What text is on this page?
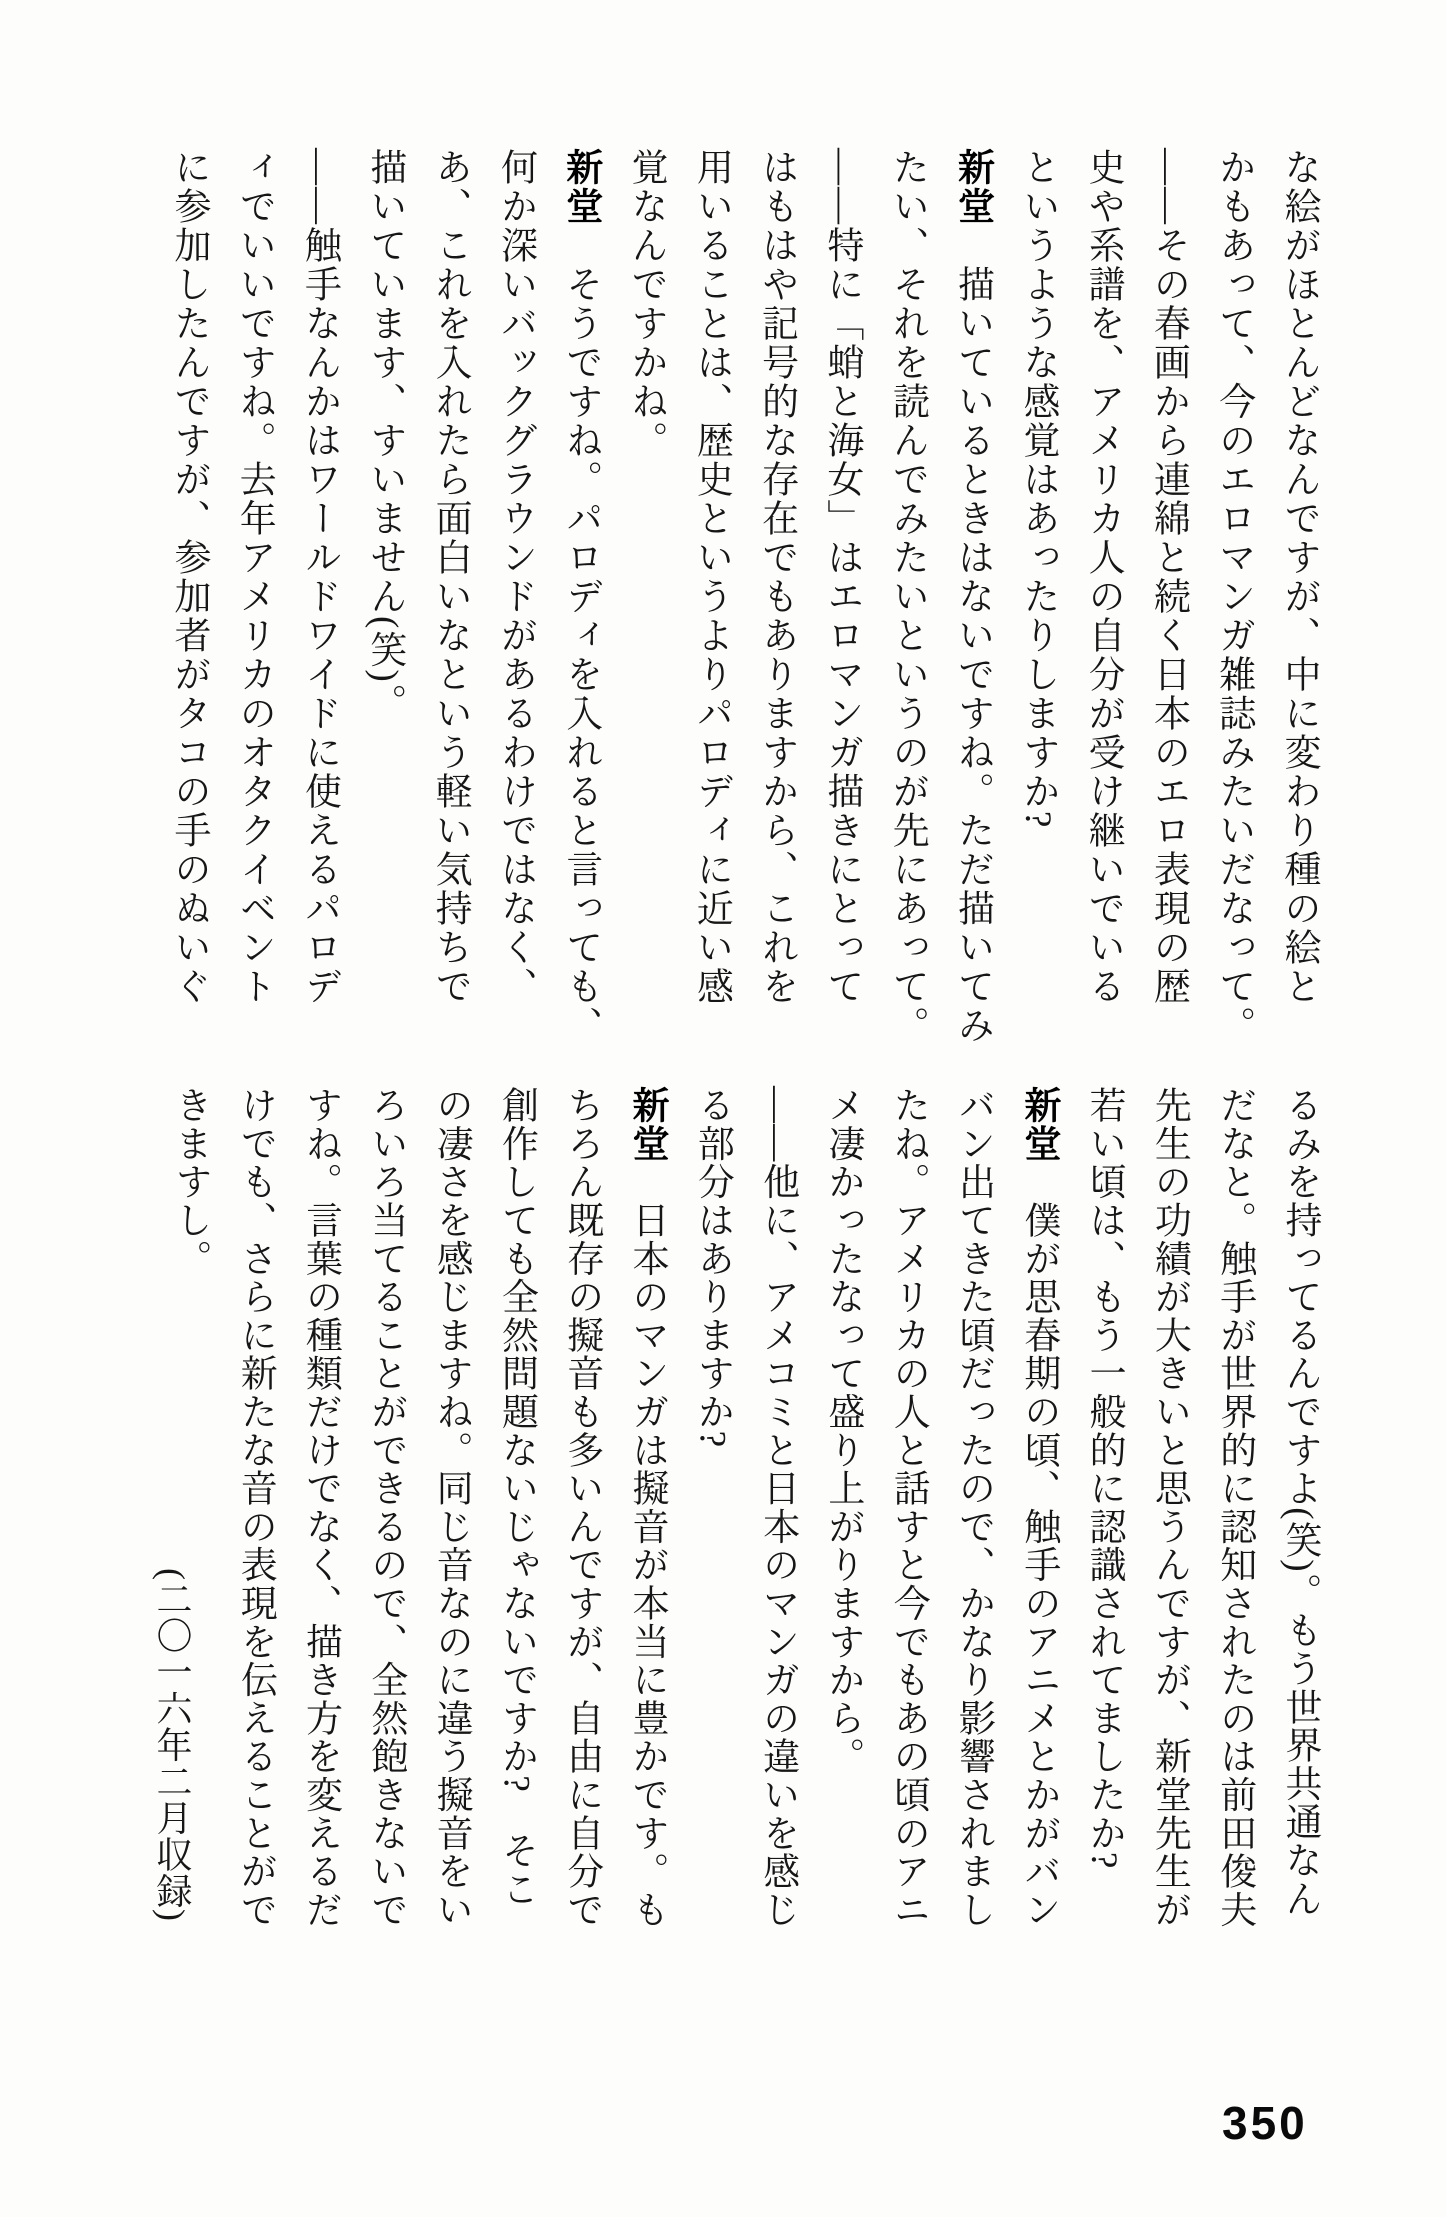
な絵がほとんどなんですが、中に変わり種の絵と
かもあって、今のエロマンガ雑誌みたいだなって。
——その春画から連綿と続く日本のエロ表現の歴
史や系譜を、アメリカ人の自分が受け継いでいる
というような感覚はあったりしますか?
新堂　描いているときはないですね。ただ描いてみ
たい、それを読んでみたいというのが先にあって。
——特に「蛸と海女」はエロマンガ描きにとって
はもはや記号的な存在でもありますから、これを
用いることは、歴史というよりパロディに近い感
覚なんですかね。
新堂　そうですね。パロディを入れると言っても、
何か深いバックグラウンドがあるわけではなく、
あ、これを入れたら面白いなという軽い気持ちで
描いています、すいません(笑)。
——触手なんかはワールドワイドに使えるパロデ
ィでいいですね。去年アメリカのオタクイベント
に参加したんですが、参加者がタコの手のぬいぐ
るみを持ってるんですよ(笑)。もう世界共通なん
だなと。触手が世界的に認知されたのは前田俊夫
先生の功績が大きいと思うんですが、新堂先生が
若い頃は、もう一般的に認識されてましたか?
新堂　僕が思春期の頃、触手のアニメとかがバン
バン出てきた頃だったので、かなり影響されまし
たね。アメリカの人と話すと今でもあの頃のアニ
メ凄かったなって盛り上がりますから。
——他に、アメコミと日本のマンガの違いを感じ
る部分はありますか?
新堂　日本のマンガは擬音が本当に豊かです。も
ちろん既存の擬音も多いんですが、自由に自分で
創作しても全然問題ないじゃないですか?　そこ
の凄さを感じますね。同じ音なのに違う擬音をい
ろいろ当てることができるので、全然飽きないで
すね。言葉の種類だけでなく、描き方を変えるだ
けでも、さらに新たな音の表現を伝えることがで
きますし。
(二〇一六年二月収録)
350
